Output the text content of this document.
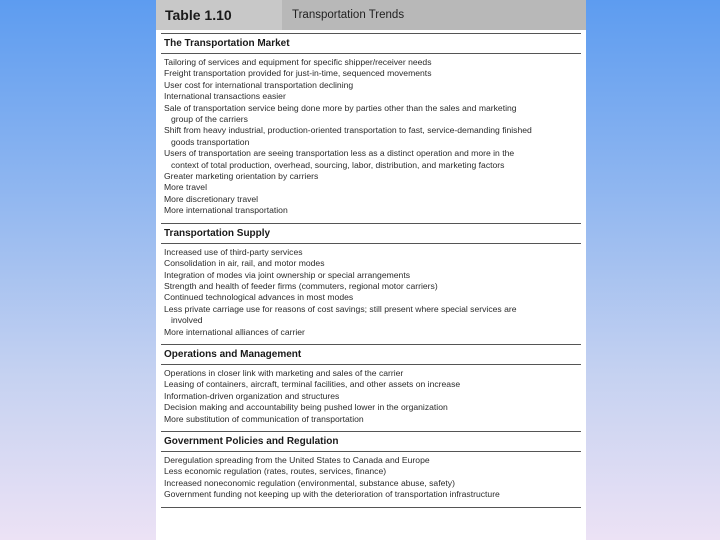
Table 1.10	Transportation Trends
The Transportation Market
Tailoring of services and equipment for specific shipper/receiver needs
Freight transportation provided for just-in-time, sequenced movements
User cost for international transportation declining
International transactions easier
Sale of transportation service being done more by parties other than the sales and marketing
group of the carriers
Shift from heavy industrial, production-oriented transportation to fast, service-demanding finished
goods transportation
Users of transportation are seeing transportation less as a distinct operation and more in the
context of total production, overhead, sourcing, labor, distribution, and marketing factors
Greater marketing orientation by carriers
More travel
More discretionary travel
More international transportation
Transportation Supply
Increased use of third-party services
Consolidation in air, rail, and motor modes
Integration of modes via joint ownership or special arrangements
Strength and health of feeder firms (commuters, regional motor carriers)
Continued technological advances in most modes
Less private carriage use for reasons of cost savings; still present where special services are
involved
More international alliances of carrier
Operations and Management
Operations in closer link with marketing and sales of the carrier
Leasing of containers, aircraft, terminal facilities, and other assets on increase
Information-driven organization and structures
Decision making and accountability being pushed lower in the organization
More substitution of communication of transportation
Government Policies and Regulation
Deregulation spreading from the United States to Canada and Europe
Less economic regulation (rates, routes, services, finance)
Increased noneconomic regulation (environmental, substance abuse, safety)
Government funding not keeping up with the deterioration of transportation infrastructure
